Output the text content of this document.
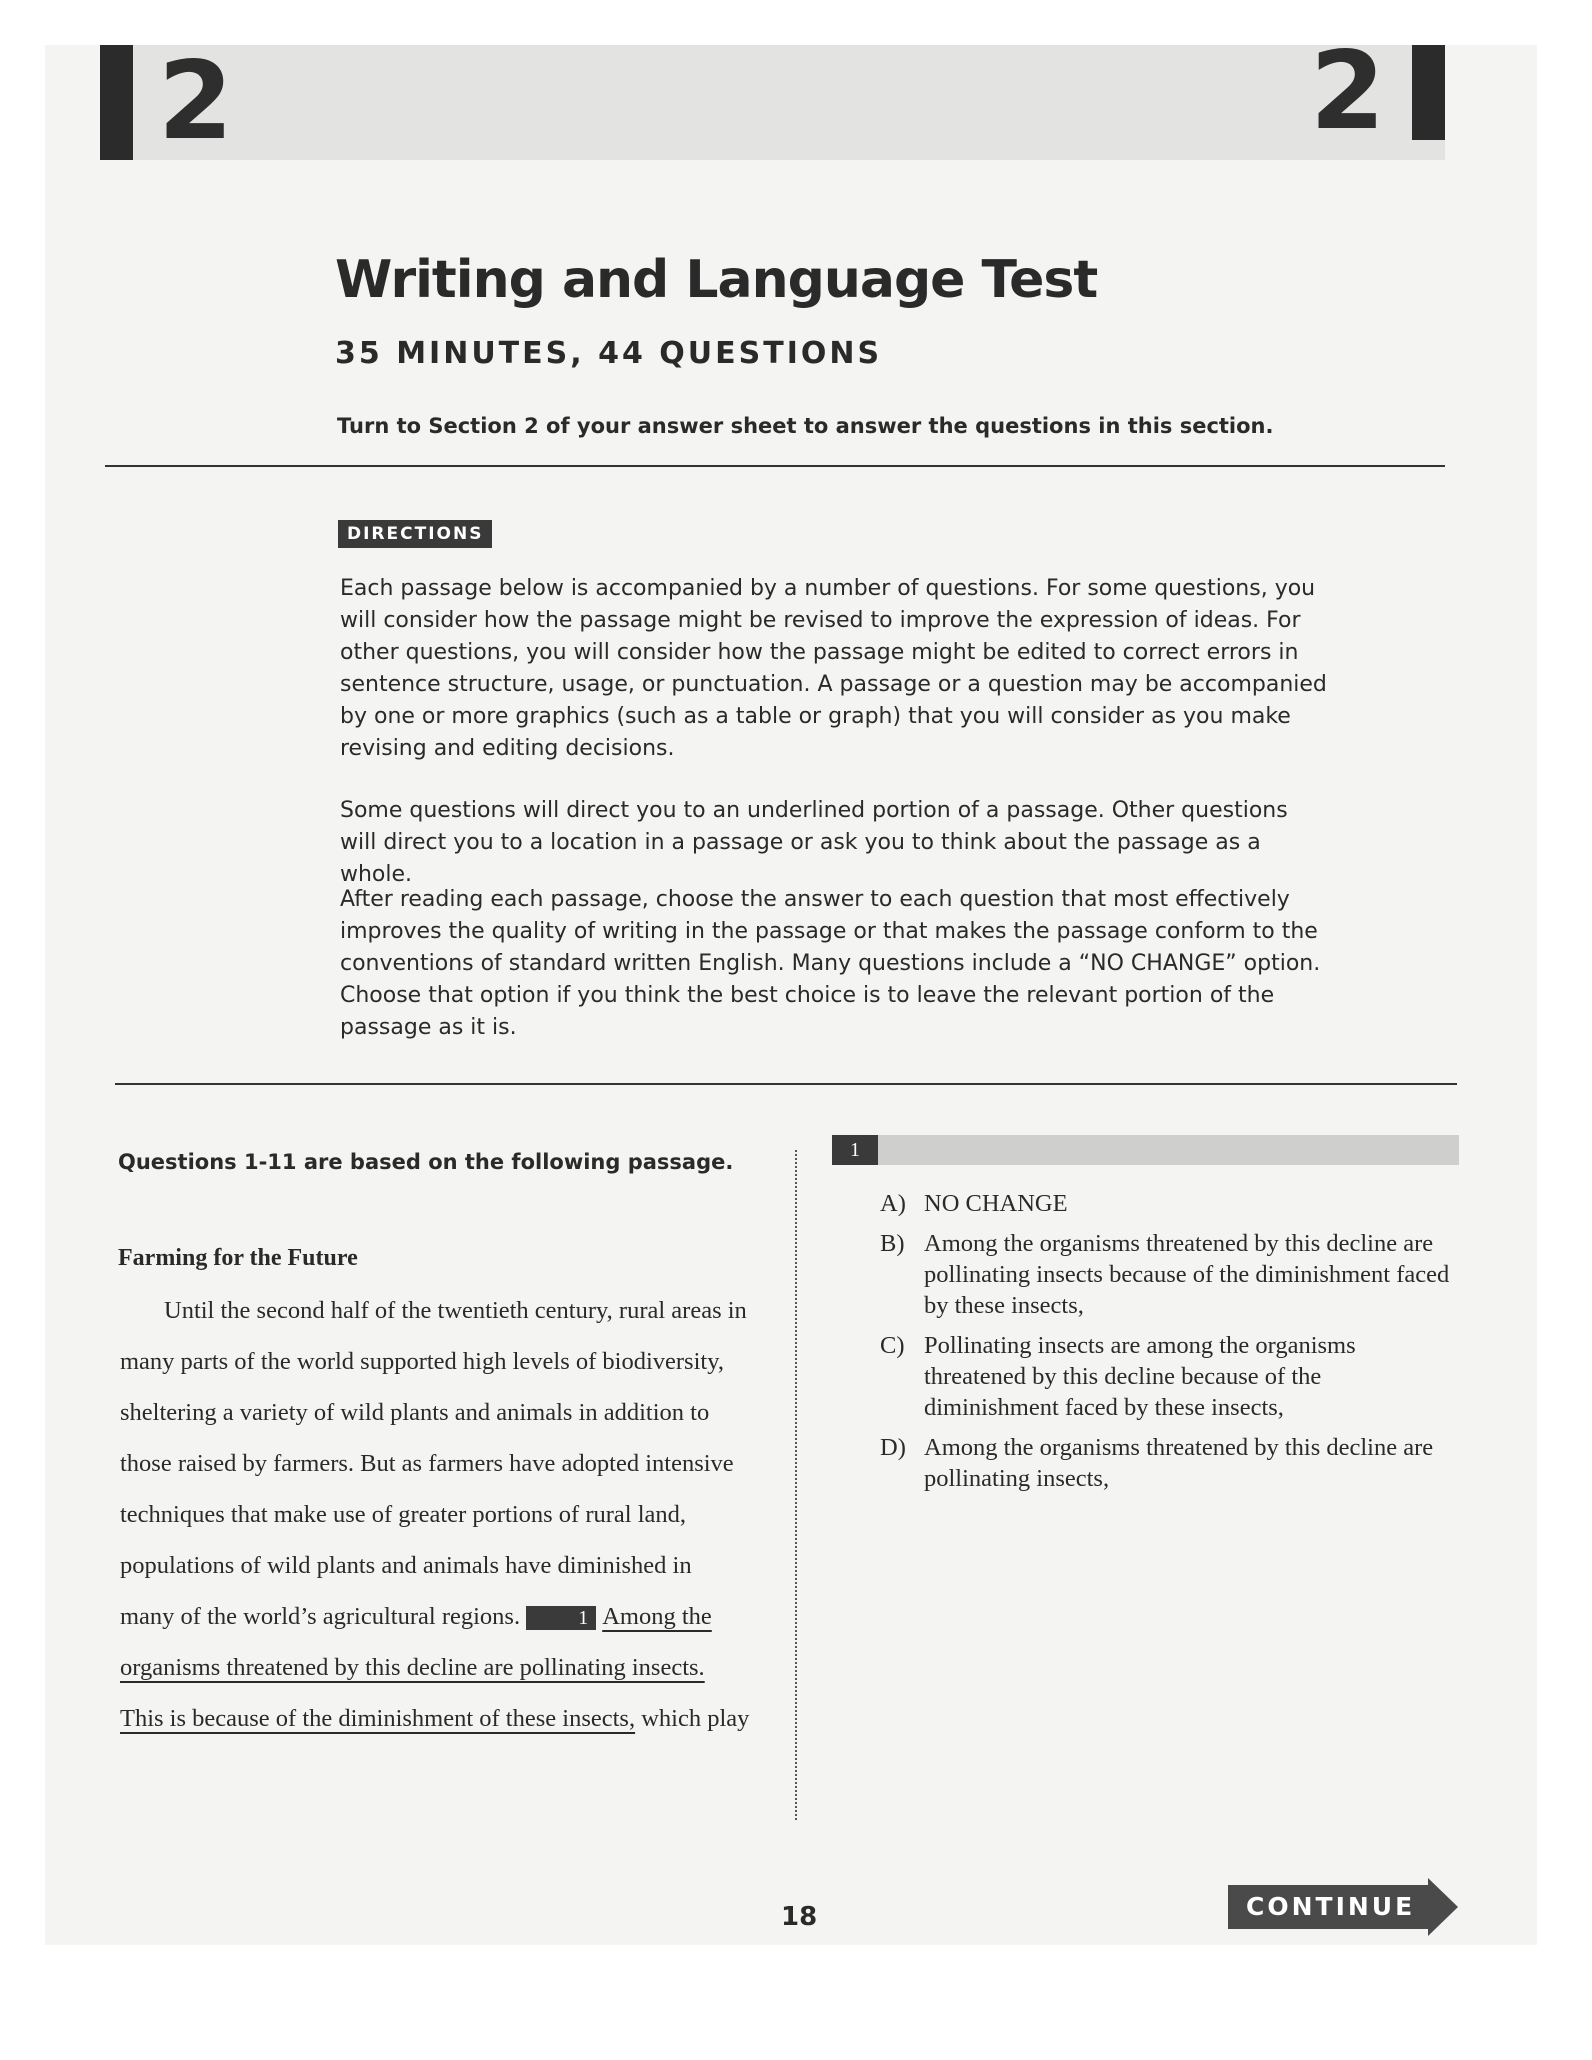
2	2
Writing and Language Test
35 MINUTES, 44 QUESTIONS
Turn to Section 2 of your answer sheet to answer the questions in this section.
DIRECTIONS
Each passage below is accompanied by a number of questions. For some questions, you will consider how the passage might be revised to improve the expression of ideas. For other questions, you will consider how the passage might be edited to correct errors in sentence structure, usage, or punctuation. A passage or a question may be accompanied by one or more graphics (such as a table or graph) that you will consider as you make revising and editing decisions.
Some questions will direct you to an underlined portion of a passage. Other questions will direct you to a location in a passage or ask you to think about the passage as a whole.
After reading each passage, choose the answer to each question that most effectively improves the quality of writing in the passage or that makes the passage conform to the conventions of standard written English. Many questions include a “NO CHANGE” option. Choose that option if you think the best choice is to leave the relevant portion of the passage as it is.
Questions 1-11 are based on the following passage.
Farming for the Future

Until the second half of the twentieth century, rural areas in many parts of the world supported high levels of biodiversity, sheltering a variety of wild plants and animals in addition to those raised by farmers. But as farmers have adopted intensive techniques that make use of greater portions of rural land, populations of wild plants and animals have diminished in many of the world’s agricultural regions.	1 Among the organisms threatened by this decline are pollinating insects. This is because of the diminishment of these insects, which play

1
A) NO CHANGE
B) Among the organisms threatened by this decline are pollinating insects because of the diminishment faced by these insects,
C) Pollinating insects are among the organisms threatened by this decline because of the diminishment faced by these insects,
D) Among the organisms threatened by this decline are pollinating insects,
18	CONTINUE
